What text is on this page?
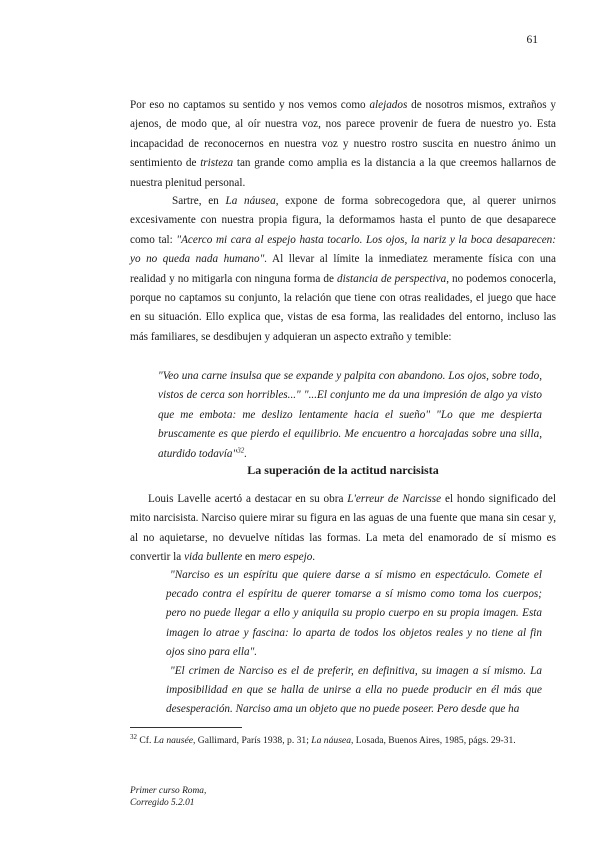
61

Por eso no captamos su sentido y nos vemos como alejados de nosotros mismos, extraños y ajenos, de modo que, al oír nuestra voz, nos parece provenir de fuera de nuestro yo. Esta incapacidad de reconocernos en nuestra voz y nuestro rostro suscita en nuestro ánimo un sentimiento de tristeza tan grande como amplia es la distancia a la que creemos hallarnos de nuestra plenitud personal.

Sartre, en La náusea, expone de forma sobrecogedora que, al querer unirnos excesivamente con nuestra propia figura, la deformamos hasta el punto de que desaparece como tal: "Acerco mi cara al espejo hasta tocarlo. Los ojos, la nariz y la boca desaparecen: yo no queda nada humano". Al llevar al límite la inmediatez meramente física con una realidad y no mitigarla con ninguna forma de distancia de perspectiva, no podemos conocerla, porque no captamos su conjunto, la relación que tiene con otras realidades, el juego que hace en su situación. Ello explica que, vistas de esa forma, las realidades del entorno, incluso las más familiares, se desdibujen y adquieran un aspecto extraño y temible:

"Veo una carne insulsa que se expande y palpita con abandono. Los ojos, sobre todo, vistos de cerca son horribles..." "...El conjunto me da una impresión de algo ya visto que me embota: me deslizo lentamente hacia el sueño" "Lo que me despierta bruscamente es que pierdo el equilibrio. Me encuentro a horcajadas sobre una silla, aturdido todavía"$^{32}$.

La superación de la actitud narcisista

Louis Lavelle acertó a destacar en su obra L'erreur de Narcisse el hondo significado del mito narcisista. Narciso quiere mirar su figura en las aguas de una fuente que mana sin cesar y, al no aquietarse, no devuelve nítidas las formas. La meta del enamorado de sí mismo es convertir la vida bullente en mero espejo.

"Narciso es un espíritu que quiere darse a sí mismo en espectáculo. Comete el pecado contra el espíritu de querer tomarse a sí mismo como toma los cuerpos; pero no puede llegar a ello y aniquila su propio cuerpo en su propia imagen. Esta imagen lo atrae y fascina: lo aparta de todos los objetos reales y no tiene al fin ojos sino para ella".

"El crimen de Narciso es el de preferir, en definitiva, su imagen a sí mismo. La imposibilidad en que se halla de unirse a ella no puede producir en él más que desesperación. Narciso ama un objeto que no puede poseer. Pero desde que ha

$^{32}$ Cf. La nausée, Gallimard, París 1938, p. 31; La náusea, Losada, Buenos Aires, 1985, págs. 29-31.
Primer curso Roma,
Corregido 5.2.01
